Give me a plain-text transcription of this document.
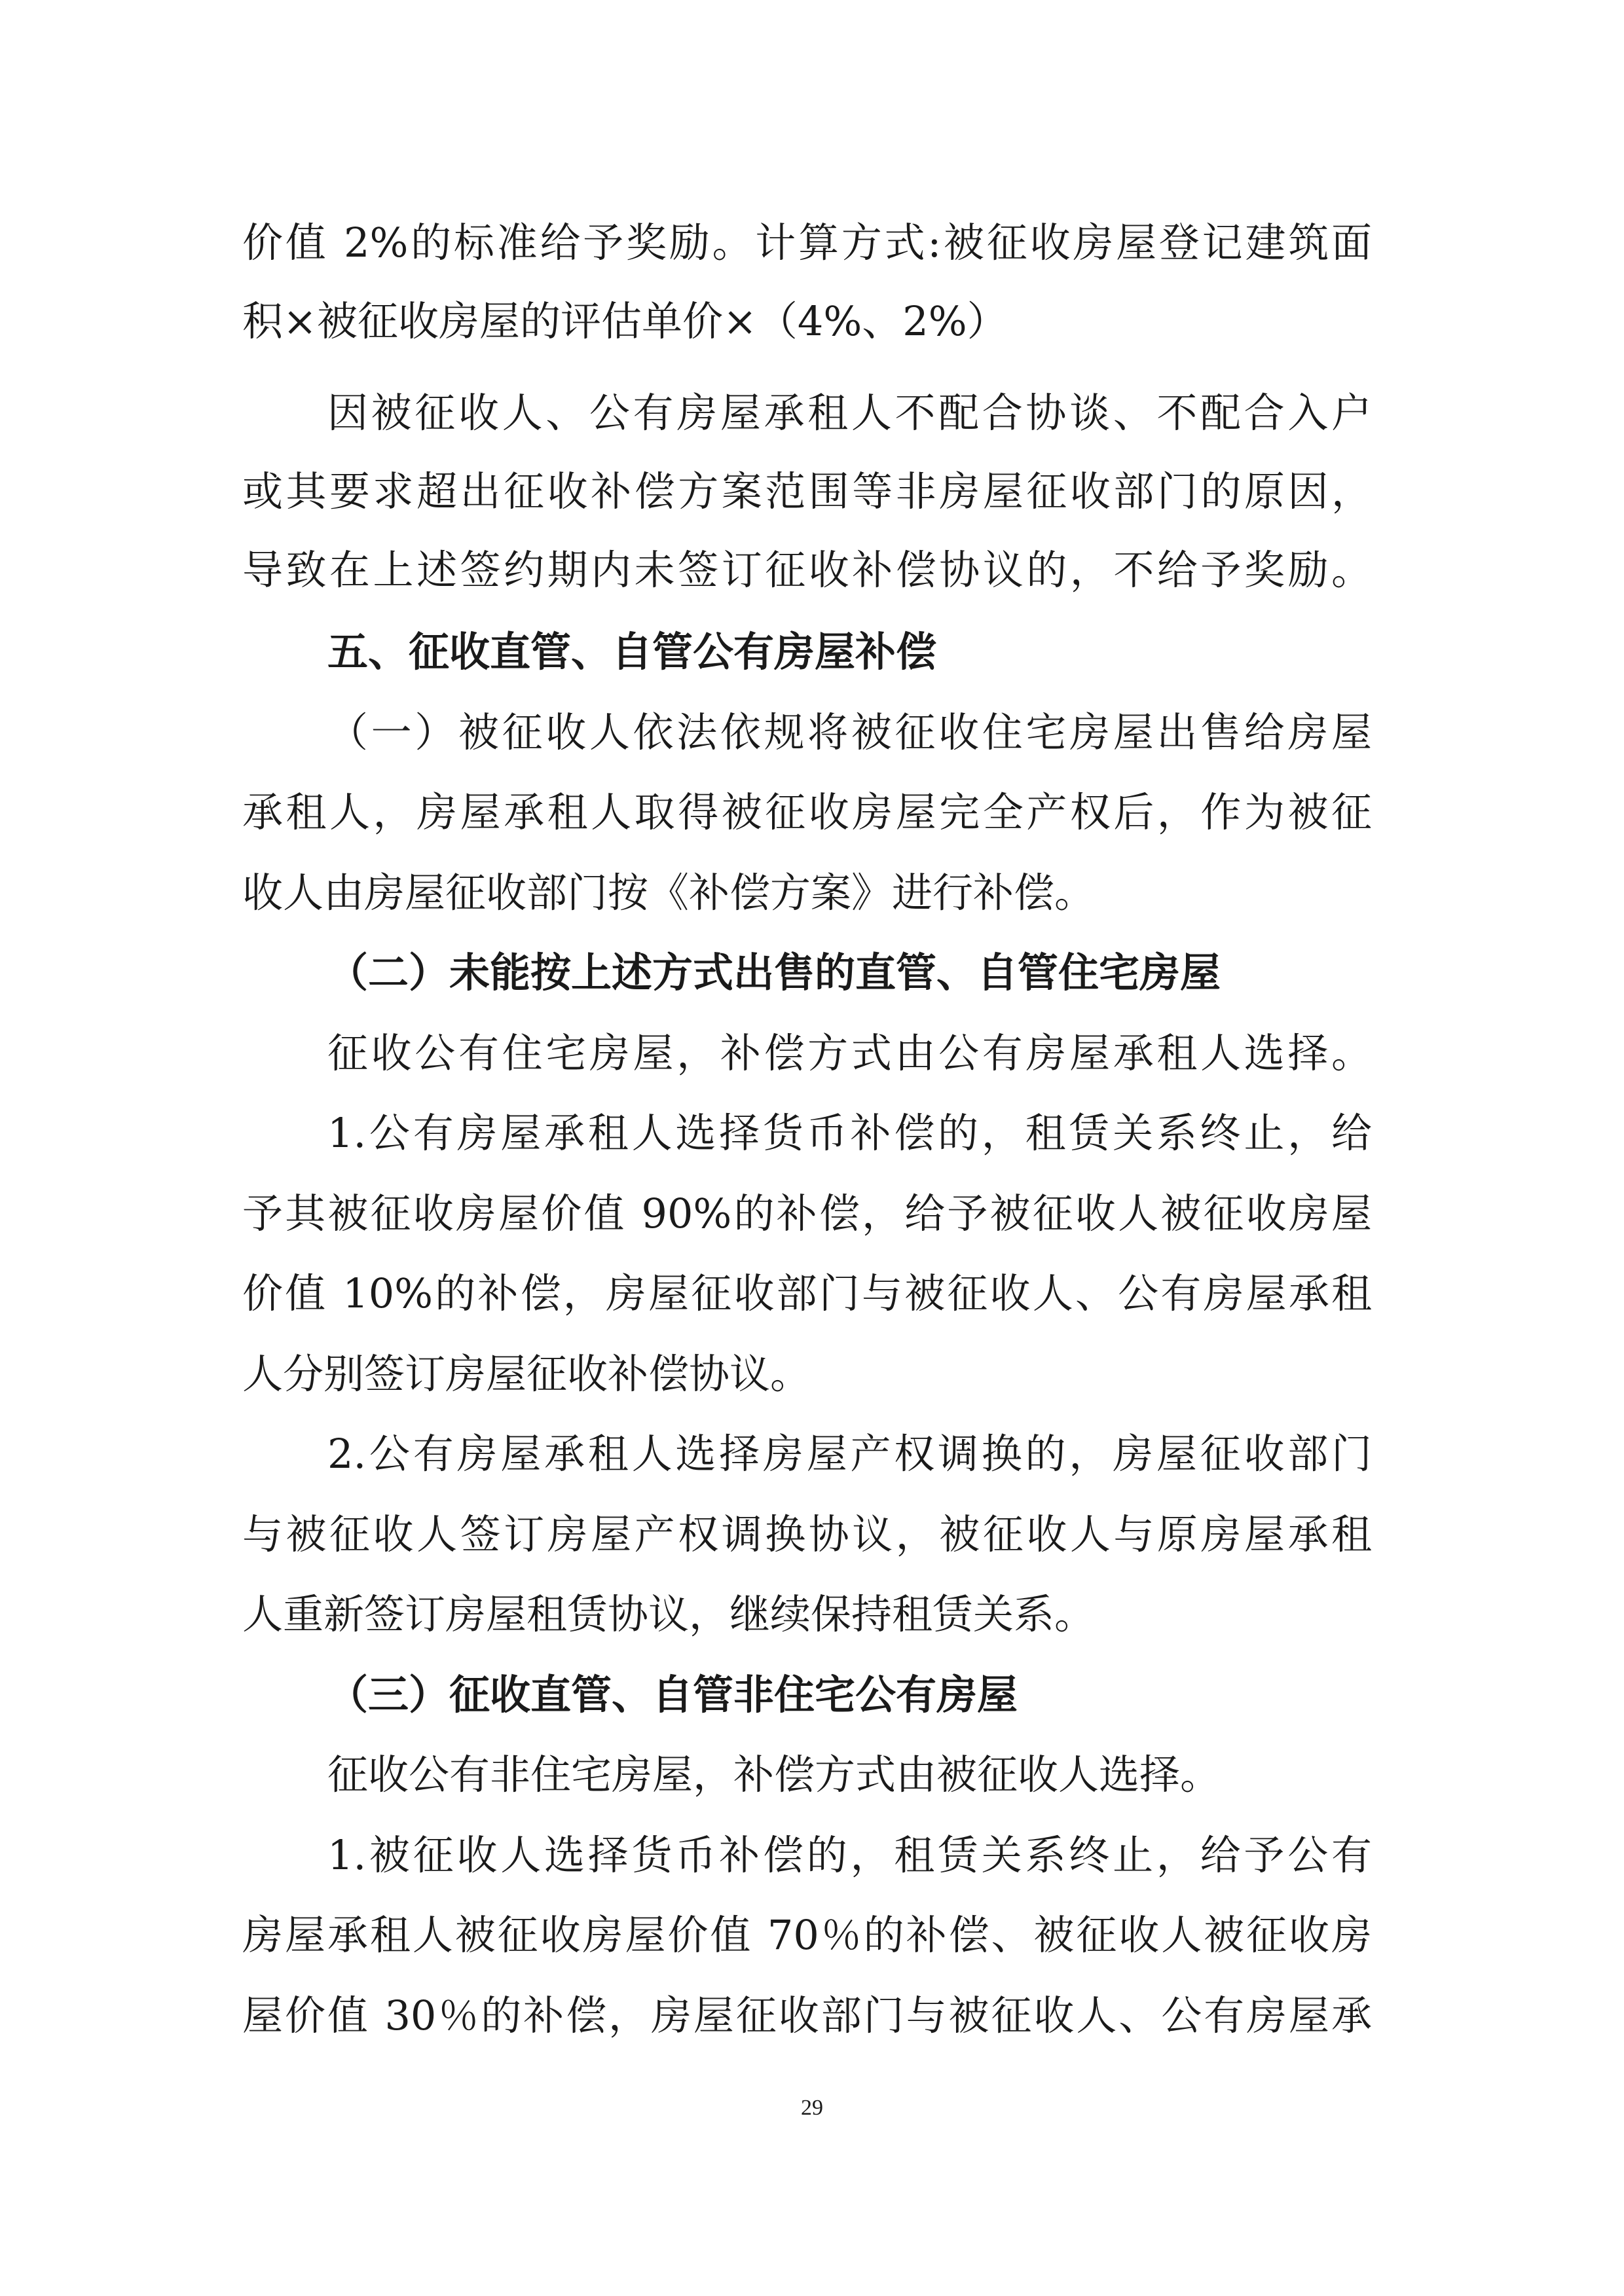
价值 2%的标准给予奖励。计算方式:被征收房屋登记建筑面
积×被征收房屋的评估单价×（4%、2%）
因被征收人、公有房屋承租人不配合协谈、不配合入户
或其要求超出征收补偿方案范围等非房屋征收部门的原因，
导致在上述签约期内未签订征收补偿协议的，不给予奖励。
五、征收直管、自管公有房屋补偿
（一）被征收人依法依规将被征收住宅房屋出售给房屋
承租人，房屋承租人取得被征收房屋完全产权后，作为被征
收人由房屋征收部门按《补偿方案》进行补偿。
（二）未能按上述方式出售的直管、自管住宅房屋
征收公有住宅房屋，补偿方式由公有房屋承租人选择。
1.公有房屋承租人选择货币补偿的，租赁关系终止，给
予其被征收房屋价值 90%的补偿，给予被征收人被征收房屋
价值 10%的补偿，房屋征收部门与被征收人、公有房屋承租
人分别签订房屋征收补偿协议。
2.公有房屋承租人选择房屋产权调换的，房屋征收部门
与被征收人签订房屋产权调换协议，被征收人与原房屋承租
人重新签订房屋租赁协议，继续保持租赁关系。
（三）征收直管、自管非住宅公有房屋
征收公有非住宅房屋，补偿方式由被征收人选择。
1.被征收人选择货币补偿的，租赁关系终止，给予公有
房屋承租人被征收房屋价值 70％的补偿、被征收人被征收房
屋价值 30％的补偿，房屋征收部门与被征收人、公有房屋承
29
